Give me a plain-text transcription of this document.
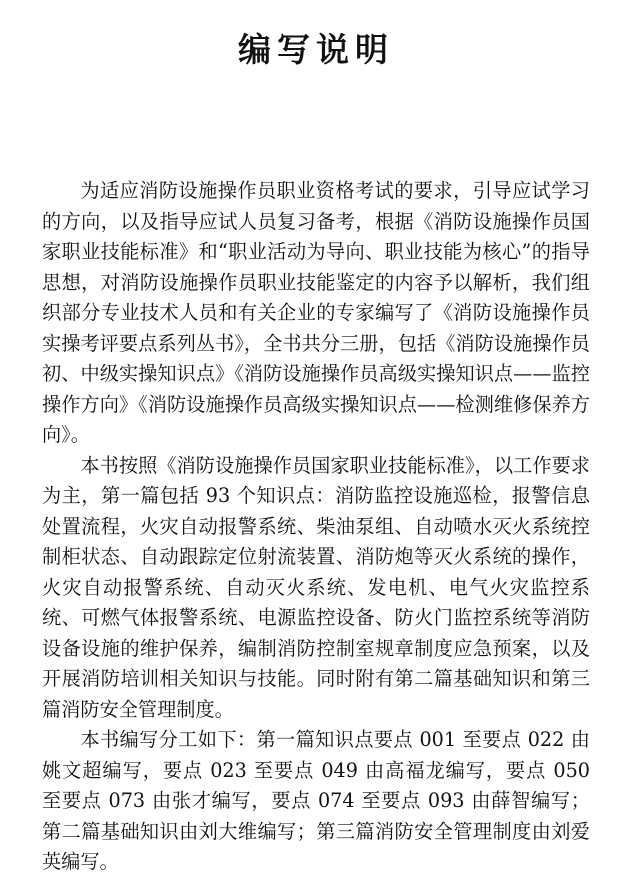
编写说明

为适应消防设施操作员职业资格考试的要求，引导应试学习的方向，以及指导应试人员复习备考，根据《消防设施操作员国家职业技能标准》和“职业活动为导向、职业技能为核心”的指导思想，对消防设施操作员职业技能鉴定的内容予以解析，我们组织部分专业技术人员和有关企业的专家编写了《消防设施操作员实操考评要点系列丛书》，全书共分三册，包括《消防设施操作员初、中级实操知识点》《消防设施操作员高级实操知识点——监控操作方向》《消防设施操作员高级实操知识点——检测维修保养方向》。

本书按照《消防设施操作员国家职业技能标准》，以工作要求为主，第一篇包括 93 个知识点：消防监控设施巡检，报警信息处置流程，火灾自动报警系统、柴油泵组、自动喷水灭火系统控制柜状态、自动跟踪定位射流装置、消防炮等灭火系统的操作，火灾自动报警系统、自动灭火系统、发电机、电气火灾监控系统、可燃气体报警系统、电源监控设备、防火门监控系统等消防设备设施的维护保养，编制消防控制室规章制度应急预案，以及开展消防培训相关知识与技能。同时附有第二篇基础知识和第三篇消防安全管理制度。

本书编写分工如下：第一篇知识点要点 001 至要点 022 由姚文超编写，要点 023 至要点 049 由高福龙编写，要点 050 至要点 073 由张才编写，要点 074 至要点 093 由薛智编写；第二篇基础知识由刘大维编写；第三篇消防安全管理制度由刘爱英编写。
